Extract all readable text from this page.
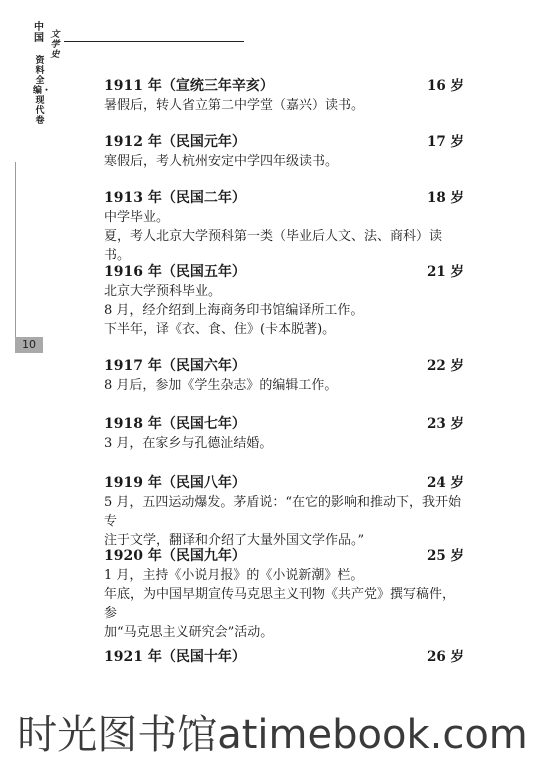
中国 文学史
资料全编・现代卷
10
1911 年（宣统三年辛亥）	16 岁
暑假后，转人省立第二中学堂（嘉兴）读书。
1912 年（民国元年）	17 岁
寒假后，考人杭州安定中学四年级读书。
1913 年（民国二年）	18 岁
中学毕业。
夏，考人北京大学预科第一类（毕业后人文、法、商科）读书。
1916 年（民国五年）	21 岁
北京大学预科毕业。
8 月，经介绍到上海商务印书馆编译所工作。
下半年，译《衣、食、住》(卡本脱著)。
1917 年（民国六年）	22 岁
8 月后，参加《学生杂志》的编辑工作。
1918 年（民国七年）	23 岁
3 月，在家乡与孔德沚结婚。
1919 年（民国八年）	24 岁
5 月，五四运动爆发。茅盾说：“在它的影响和推动下，我开始专
注于文学，翻译和介绍了大量外国文学作品。”
1920 年（民国九年）	25 岁
1 月，主持《小说月报》的《小说新潮》栏。
年底，为中国早期宣传马克思主义刊物《共产党》撰写稿件，参
加“马克思主义研究会”活动。
1921 年（民国十年）	26 岁
时光图书馆atimebook.com
